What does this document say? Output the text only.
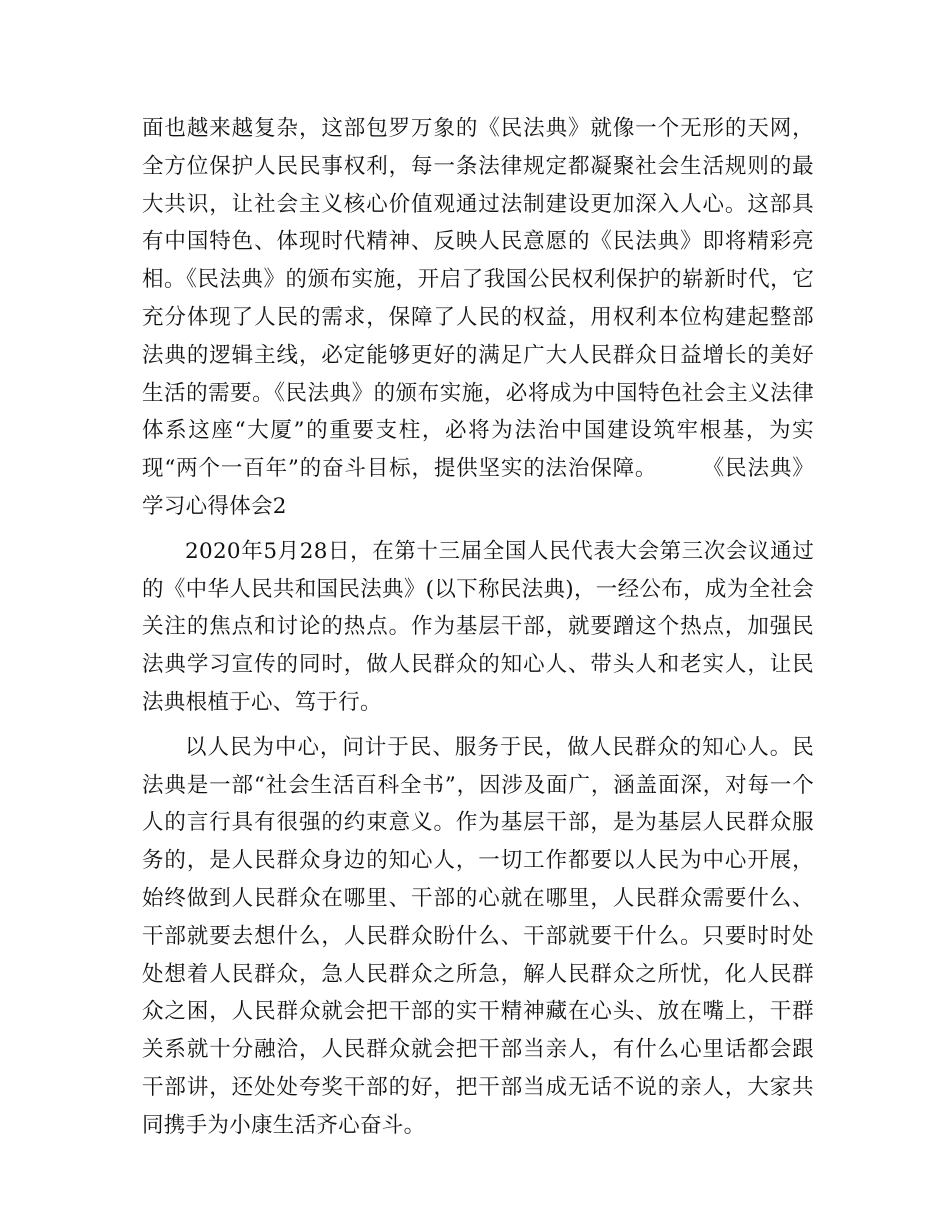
面也越来越复杂，这部包罗万象的《民法典》就像一个无形的天网，全方位保护人民民事权利，每一条法律规定都凝聚社会生活规则的最大共识，让社会主义核心价值观通过法制建设更加深入人心。这部具有中国特色、体现时代精神、反映人民意愿的《民法典》即将精彩亮相。《民法典》的颁布实施，开启了我国公民权利保护的崭新时代，它充分体现了人民的需求，保障了人民的权益，用权利本位构建起整部法典的逻辑主线，必定能够更好的满足广大人民群众日益增长的美好生活的需要。《民法典》的颁布实施，必将成为中国特色社会主义法律体系这座“大厦”的重要支柱，必将为法治中国建设筑牢根基，为实现“两个一百年”的奋斗目标，提供坚实的法治保障。　　　《民法典》学习心得体会2

2020年5月28日，在第十三届全国人民代表大会第三次会议通过的《中华人民共和国民法典》(以下称民法典)，一经公布，成为全社会关注的焦点和讨论的热点。作为基层干部，就要蹭这个热点，加强民法典学习宣传的同时，做人民群众的知心人、带头人和老实人，让民法典根植于心、笃于行。

以人民为中心，问计于民、服务于民，做人民群众的知心人。民法典是一部“社会生活百科全书”，因涉及面广，涵盖面深，对每一个人的言行具有很强的约束意义。作为基层干部，是为基层人民群众服务的，是人民群众身边的知心人，一切工作都要以人民为中心开展，始终做到人民群众在哪里、干部的心就在哪里，人民群众需要什么、干部就要去想什么，人民群众盼什么、干部就要干什么。只要时时处处想着人民群众，急人民群众之所急，解人民群众之所忧，化人民群众之困，人民群众就会把干部的实干精神藏在心头、放在嘴上，干群关系就十分融洽，人民群众就会把干部当亲人，有什么心里话都会跟干部讲，还处处夸奖干部的好，把干部当成无话不说的亲人，大家共同携手为小康生活齐心奋斗。
